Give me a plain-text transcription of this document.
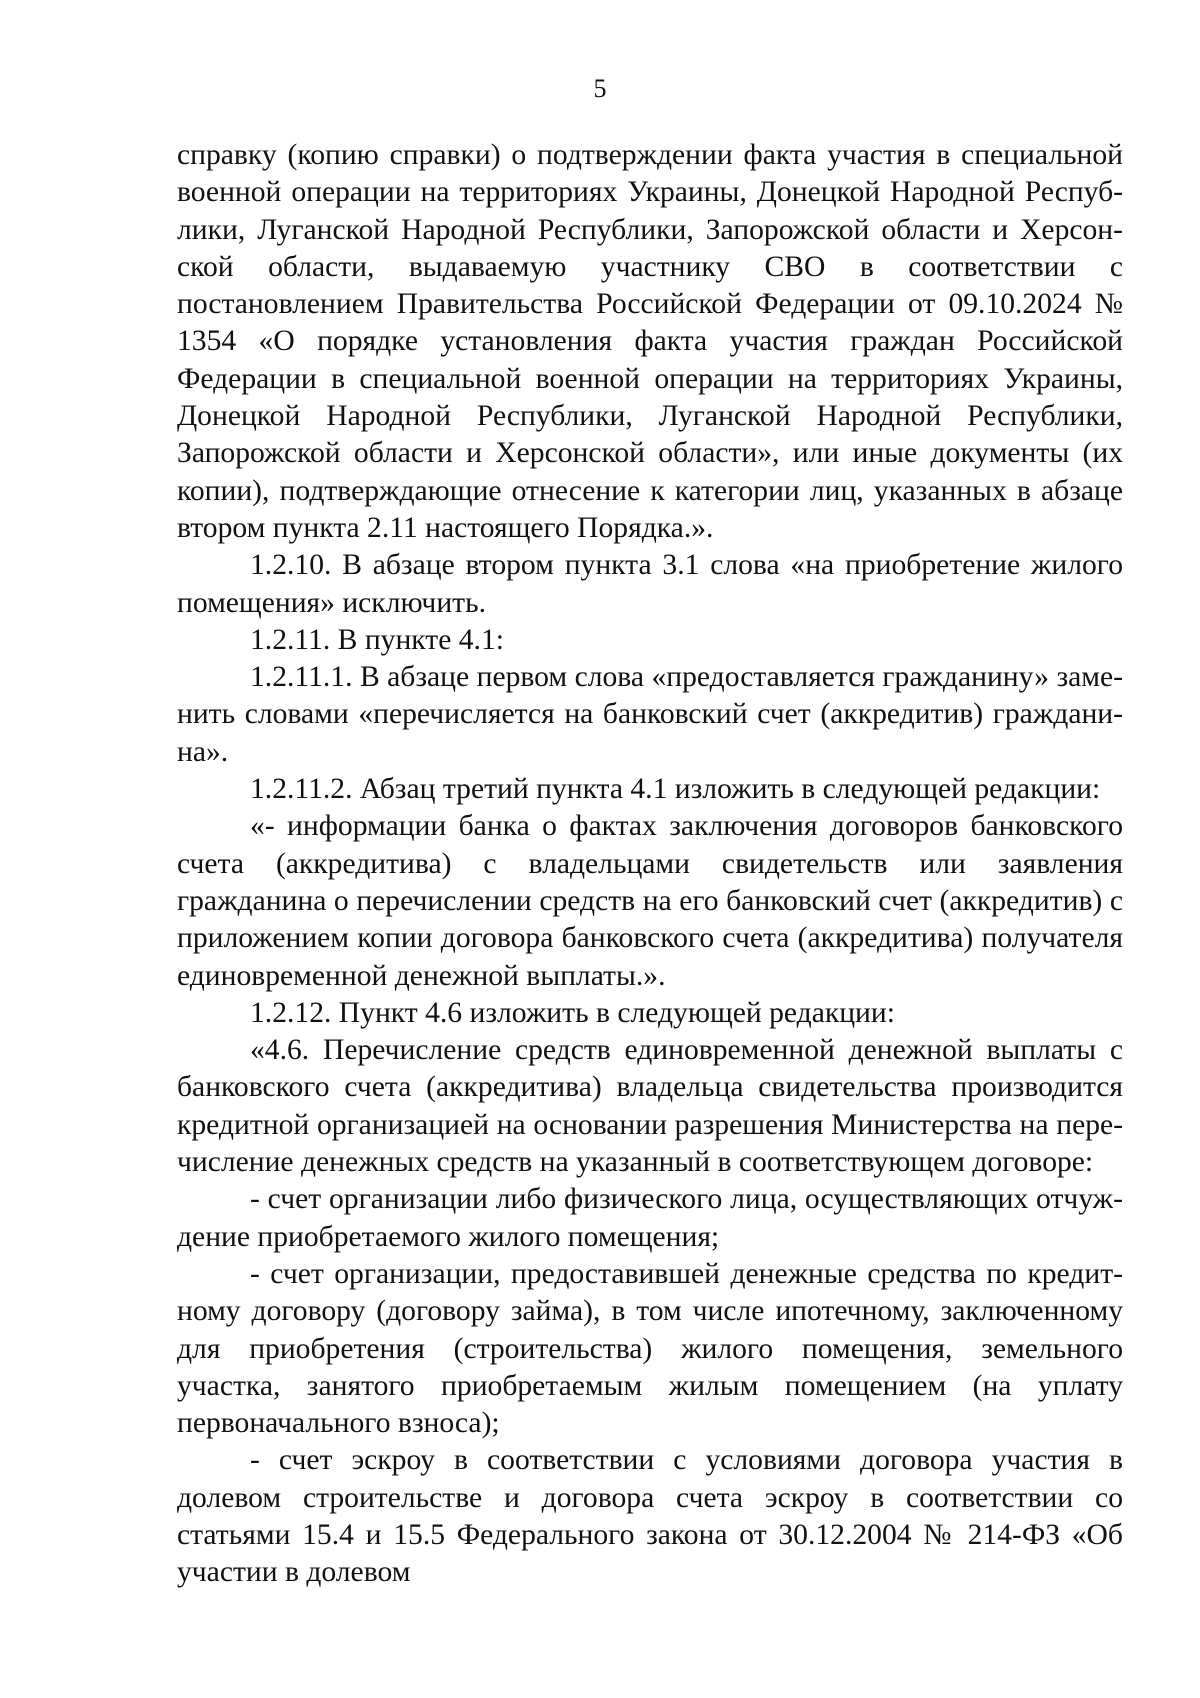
5

справку (копию справки) о подтверждении факта участия в специальной военной операции на территориях Украины, Донецкой Народной Республики, Луганской Народной Республики, Запорожской области и Херсонской области, выдаваемую участнику СВО в соответствии с постановлением Правительства Российской Федерации от 09.10.2024 № 1354 «О порядке установления факта участия граждан Российской Федерации в специальной военной операции на территориях Украины, Донецкой Народной Республики, Луганской Народной Республики, Запорожской области и Херсонской области», или иные документы (их копии), подтверждающие отнесение к категории лиц, указанных в абзаце втором пункта 2.11 настоящего Порядка.».

1.2.10. В абзаце втором пункта 3.1 слова «на приобретение жилого помещения» исключить.

1.2.11. В пункте 4.1:

1.2.11.1. В абзаце первом слова «предоставляется гражданину» заменить словами «перечисляется на банковский счет (аккредитив) гражданина».

1.2.11.2. Абзац третий пункта 4.1 изложить в следующей редакции:

«- информации банка о фактах заключения договоров банковского счета (аккредитива) с владельцами свидетельств или заявления гражданина о перечислении средств на его банковский счет (аккредитив) с приложением копии договора банковского счета (аккредитива) получателя единовременной денежной выплаты.».

1.2.12. Пункт 4.6 изложить в следующей редакции:

«4.6. Перечисление средств единовременной денежной выплаты с банковского счета (аккредитива) владельца свидетельства производится кредитной организацией на основании разрешения Министерства на перечисление денежных средств на указанный в соответствующем договоре:

- счет организации либо физического лица, осуществляющих отчуждение приобретаемого жилого помещения;

- счет организации, предоставившей денежные средства по кредитному договору (договору займа), в том числе ипотечному, заключенному для приобретения (строительства) жилого помещения, земельного участка, занятого приобретаемым жилым помещением (на уплату первоначального взноса);

- счет эскроу в соответствии с условиями договора участия в долевом строительстве и договора счета эскроу в соответствии со статьями 15.4 и 15.5 Федерального закона от 30.12.2004 № 214-ФЗ «Об участии в долевом
